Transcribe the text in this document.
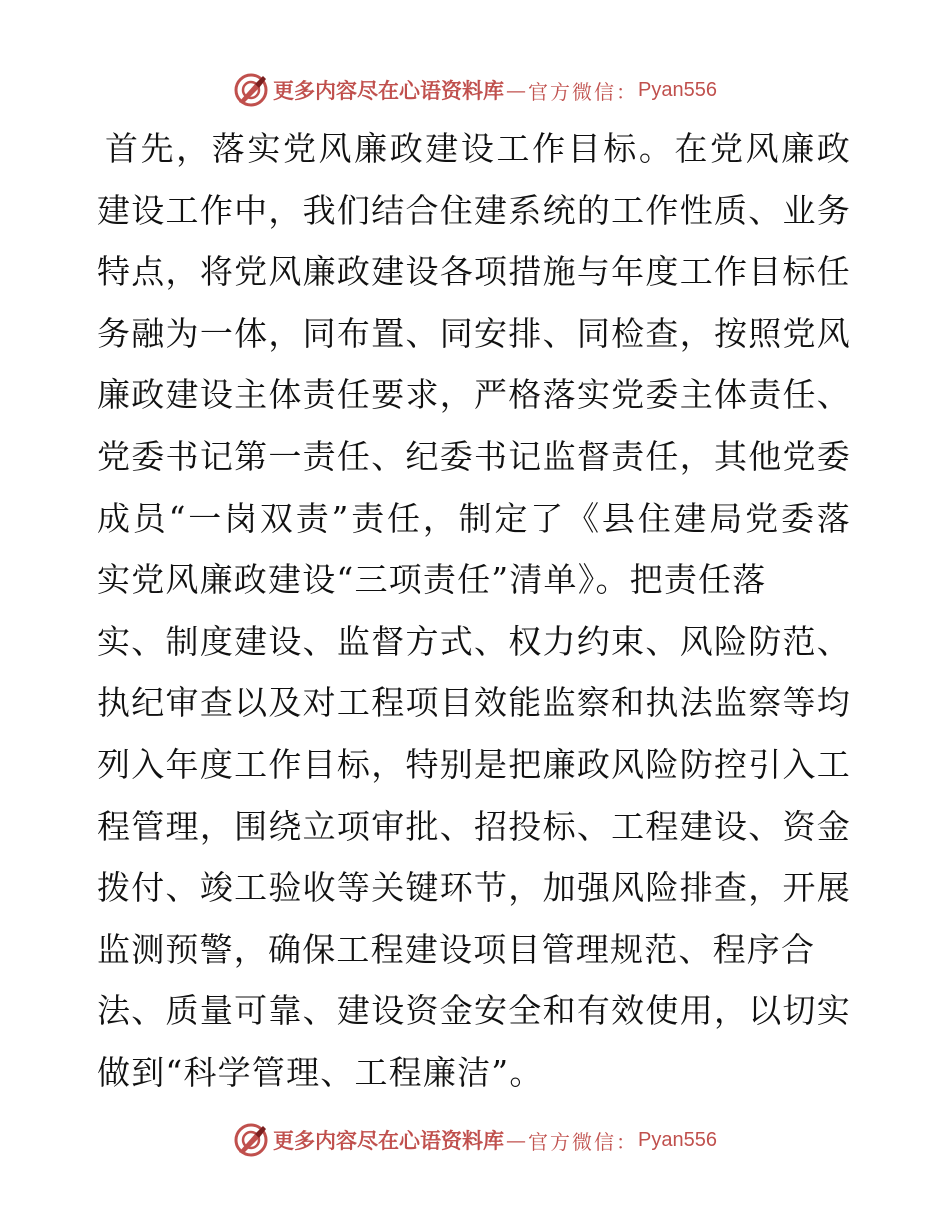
更多内容尽在心语资料库 — 官方微信： Pyan556
首先，落实党风廉政建设工作目标。在党风廉政
建设工作中，我们结合住建系统的工作性质、业务
特点，将党风廉政建设各项措施与年度工作目标任
务融为一体，同布置、同安排、同检查，按照党风
廉政建设主体责任要求，严格落实党委主体责任、
党委书记第一责任、纪委书记监督责任，其他党委
成员“一岗双责”责任，制定了《县住建局党委落
实党风廉政建设“三项责任”清单》。把责任落
实、制度建设、监督方式、权力约束、风险防范、
执纪审查以及对工程项目效能监察和执法监察等均
列入年度工作目标，特别是把廉政风险防控引入工
程管理，围绕立项审批、招投标、工程建设、资金
拨付、竣工验收等关键环节，加强风险排查，开展
监测预警，确保工程建设项目管理规范、程序合
法、质量可靠、建设资金安全和有效使用，以切实
做到“科学管理、工程廉洁”。
更多内容尽在心语资料库 — 官方微信： Pyan556
